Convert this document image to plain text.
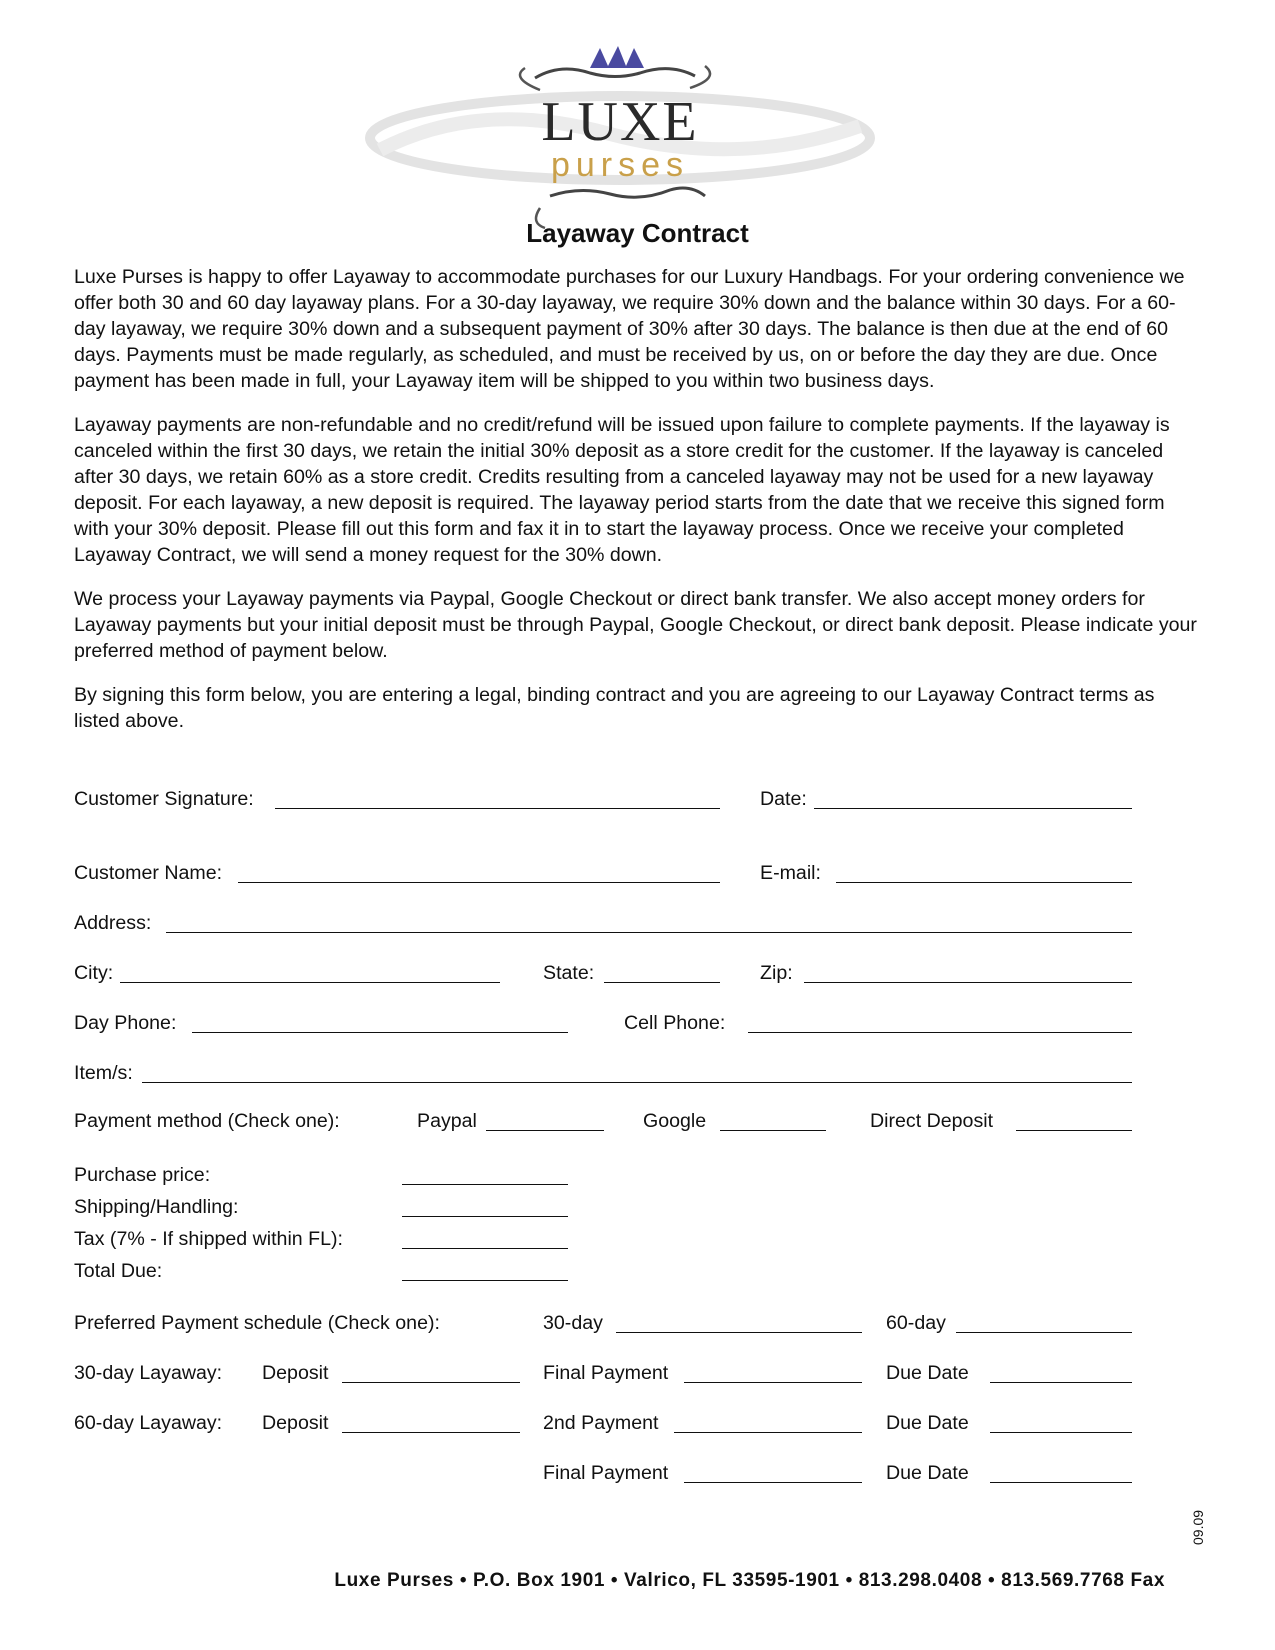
LUXE
purses
Layaway Contract

Luxe Purses is happy to offer Layaway to accommodate purchases for our Luxury Handbags. For your ordering convenience we offer both 30 and 60 day layaway plans. For a 30-day layaway, we require 30% down and the balance within 30 days. For a 60-day layaway, we require 30% down and a subsequent payment of 30% after 30 days. The balance is then due at the end of 60 days. Payments must be made regularly, as scheduled, and must be received by us, on or before the day they are due. Once payment has been made in full, your Layaway item will be shipped to you within two business days.

Layaway payments are non-refundable and no credit/refund will be issued upon failure to complete payments. If the layaway is canceled within the first 30 days, we retain the initial 30% deposit as a store credit for the customer. If the layaway is canceled after 30 days, we retain 60% as a store credit. Credits resulting from a canceled layaway may not be used for a new layaway deposit. For each layaway, a new deposit is required. The layaway period starts from the date that we receive this signed form with your 30% deposit. Please fill out this form and fax it in to start the layaway process. Once we receive your completed Layaway Contract, we will send a money request for the 30% down.

We process your Layaway payments via Paypal, Google Checkout or direct bank transfer. We also accept money orders for Layaway payments but your initial deposit must be through Paypal, Google Checkout, or direct bank deposit. Please indicate your preferred method of payment below.

By signing this form below, you are entering a legal, binding contract and you are agreeing to our Layaway Contract terms as listed above.

Customer Signature:	Date:
Customer Name:	E-mail:
Address:
City:	State:	Zip:
Day Phone:	Cell Phone:
Item/s:
Payment method (Check one):	Paypal	Google	Direct Deposit
Purchase price:
Shipping/Handling:
Tax (7% - If shipped within FL):
Total Due:
Preferred Payment schedule (Check one):	30-day	60-day
30-day Layaway: Deposit	Final Payment	Due Date
60-day Layaway: Deposit	2nd Payment	Due Date
Final Payment	Due Date
09.09
Luxe Purses • P.O. Box 1901 • Valrico, FL 33595-1901 • 813.298.0408 • 813.569.7768 Fax
